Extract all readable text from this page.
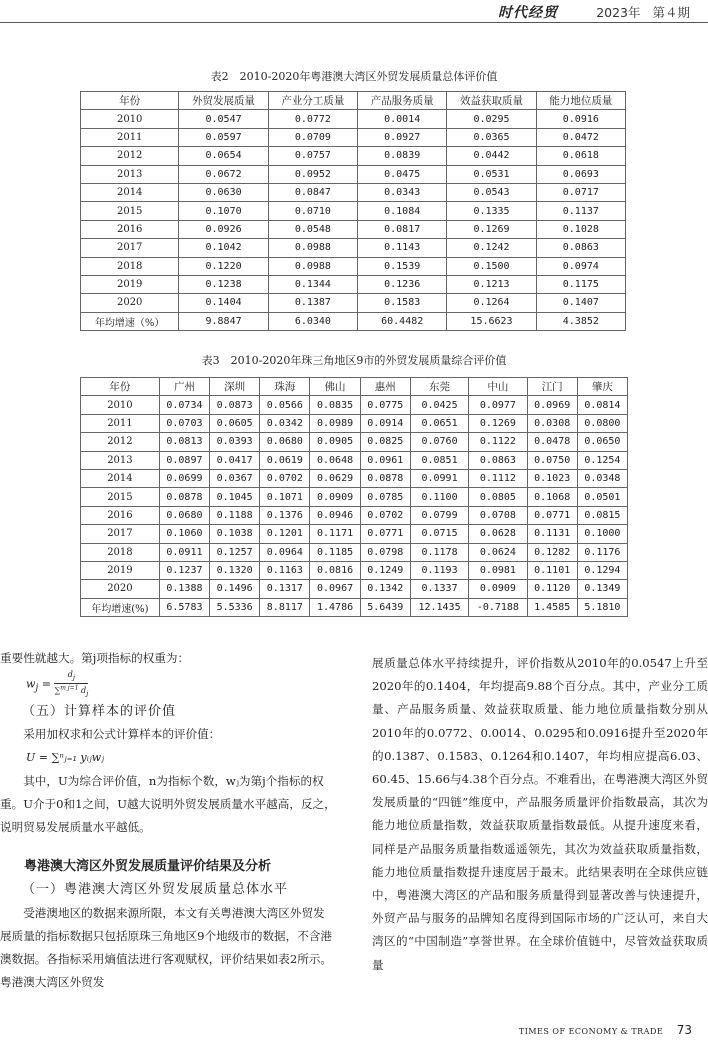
时代经贸	2023年 第４期
表2　2010-2020年粤港澳大湾区外贸发展质量总体评价值
年份	外贸发展质量	产业分工质量	产品服务质量	效益获取质量	能力地位质量
2010	0.0547	0.0772	0.0014	0.0295	0.0916
2011	0.0597	0.0709	0.0927	0.0365	0.0472
2012	0.0654	0.0757	0.0839	0.0442	0.0618
2013	0.0672	0.0952	0.0475	0.0531	0.0693
2014	0.0630	0.0847	0.0343	0.0543	0.0717
2015	0.1070	0.0710	0.1084	0.1335	0.1137
2016	0.0926	0.0548	0.0817	0.1269	0.1028
2017	0.1042	0.0988	0.1143	0.1242	0.0863
2018	0.1220	0.0988	0.1539	0.1500	0.0974
2019	0.1238	0.1344	0.1236	0.1213	0.1175
2020	0.1404	0.1387	0.1583	0.1264	0.1407
年均增速（%）	9.8847	6.0340	60.4482	15.6623	4.3852
表3　2010-2020年珠三角地区9市的外贸发展质量综合评价值
年份	广州	深圳	珠海	佛山	惠州	东莞	中山	江门	肇庆
2010	0.0734	0.0873	0.0566	0.0835	0.0775	0.0425	0.0977	0.0969	0.0814
2011	0.0703	0.0605	0.0342	0.0989	0.0914	0.0651	0.1269	0.0308	0.0800
2012	0.0813	0.0393	0.0680	0.0905	0.0825	0.0760	0.1122	0.0478	0.0650
2013	0.0897	0.0417	0.0619	0.0648	0.0961	0.0851	0.0863	0.0750	0.1254
2014	0.0699	0.0367	0.0702	0.0629	0.0878	0.0991	0.1112	0.1023	0.0348
2015	0.0878	0.1045	0.1071	0.0909	0.0785	0.1100	0.0805	0.1068	0.0501
2016	0.0680	0.1188	0.1376	0.0946	0.0702	0.0799	0.0708	0.0771	0.0815
2017	0.1060	0.1038	0.1201	0.1171	0.0771	0.0715	0.0628	0.1131	0.1000
2018	0.0911	0.1257	0.0964	0.1185	0.0798	0.1178	0.0624	0.1282	0.1176
2019	0.1237	0.1320	0.1163	0.0816	0.1249	0.1193	0.0981	0.1101	0.1294
2020	0.1388	0.1496	0.1317	0.0967	0.1342	0.1337	0.0909	0.1120	0.1349
年均增速(%)	6.5783	5.5336	8.8117	1.4786	5.6439	12.1435	-0.7188	1.4585	5.1810

重要性就越大。第j项指标的权重为：

$w_j = \frac{d_j}{\sum^{m j=1} d_j}$

（五）计算样本的评价值

采用加权求和公式计算样本的评价值：

U = ∑ⁿⱼ₌₁ yᵢⱼwⱼ

其中，U为综合评价值，n为指标个数，wⱼ为第j个指标的权重。U介于0和1之间，U越大说明外贸发展质量水平越高，反之，说明贸易发展质量水平越低。

粤港澳大湾区外贸发展质量评价结果及分析

（一）粤港澳大湾区外贸发展质量总体水平

受港澳地区的数据来源所限，本文有关粤港澳大湾区外贸发展质量的指标数据只包括原珠三角地区9个地级市的数据，不含港澳数据。各指标采用熵值法进行客观赋权，评价结果如表2所示。粤港澳大湾区外贸发

展质量总体水平持续提升，评价指数从2010年的0.0547上升至2020年的0.1404，年均提高9.88个百分点。其中，产业分工质量、产品服务质量、效益获取质量、能力地位质量指数分别从2010年的0.0772、0.0014、0.0295和0.0916提升至2020年的0.1387、0.1583、0.1264和0.1407，年均相应提高6.03、60.45、15.66与4.38个百分点。不难看出，在粤港澳大湾区外贸发展质量的“四链”维度中，产品服务质量评价指数最高，其次为能力地位质量指数，效益获取质量指数最低。从提升速度来看，同样是产品服务质量指数遥遥领先，其次为效益获取质量指数，能力地位质量指数提升速度居于最末。此结果表明在全球供应链中，粤港澳大湾区的产品和服务质量得到显著改善与快速提升，外贸产品与服务的品牌知名度得到国际市场的广泛认可，来自大湾区的“中国制造”享誉世界。在全球价值链中，尽管效益获取质量

TIMES OF ECONOMY & TRADE 73
